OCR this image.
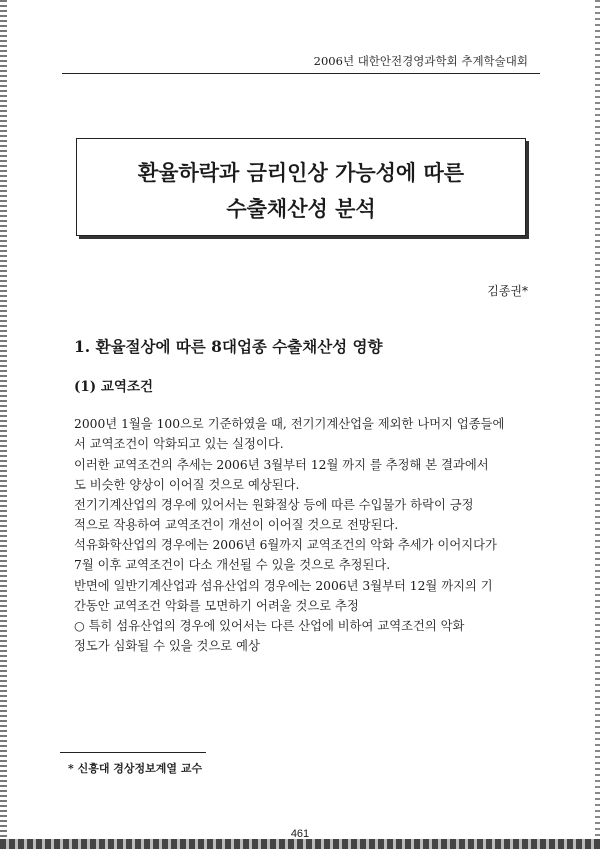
2006년 대한안전경영과학회 추계학술대회
환율하락과 금리인상 가능성에 따른
수출채산성 분석
김종권*
1. 환율절상에 따른 8대업종 수출채산성 영향
(1) 교역조건
2000년 1월을 100으로 기준하였을 때, 전기기계산업을 제외한 나머지 업종들에
서 교역조건이 악화되고 있는 실정이다.
이러한 교역조건의 추세는 2006년 3월부터 12월 까지 를 추정해 본 결과에서
도 비슷한 양상이 이어질 것으로 예상된다.
전기기계산업의 경우에 있어서는 원화절상 등에 따른 수입물가 하락이 긍정
적으로 작용하여 교역조건이 개선이 이어질 것으로 전망된다.
석유화학산업의 경우에는 2006년 6월까지 교역조건의 악화 추세가 이어지다가
7월 이후 교역조건이 다소 개선될 수 있을 것으로 추정된다.
반면에 일반기계산업과 섬유산업의 경우에는 2006년 3월부터 12월 까지의 기
간동안 교역조건 악화를 모면하기 어려울 것으로 추정
○ 특히 섬유산업의 경우에 있어서는 다른 산업에 비하여 교역조건의 악화
정도가 심화될 수 있을 것으로 예상
* 신흥대 경상정보계열 교수
461
